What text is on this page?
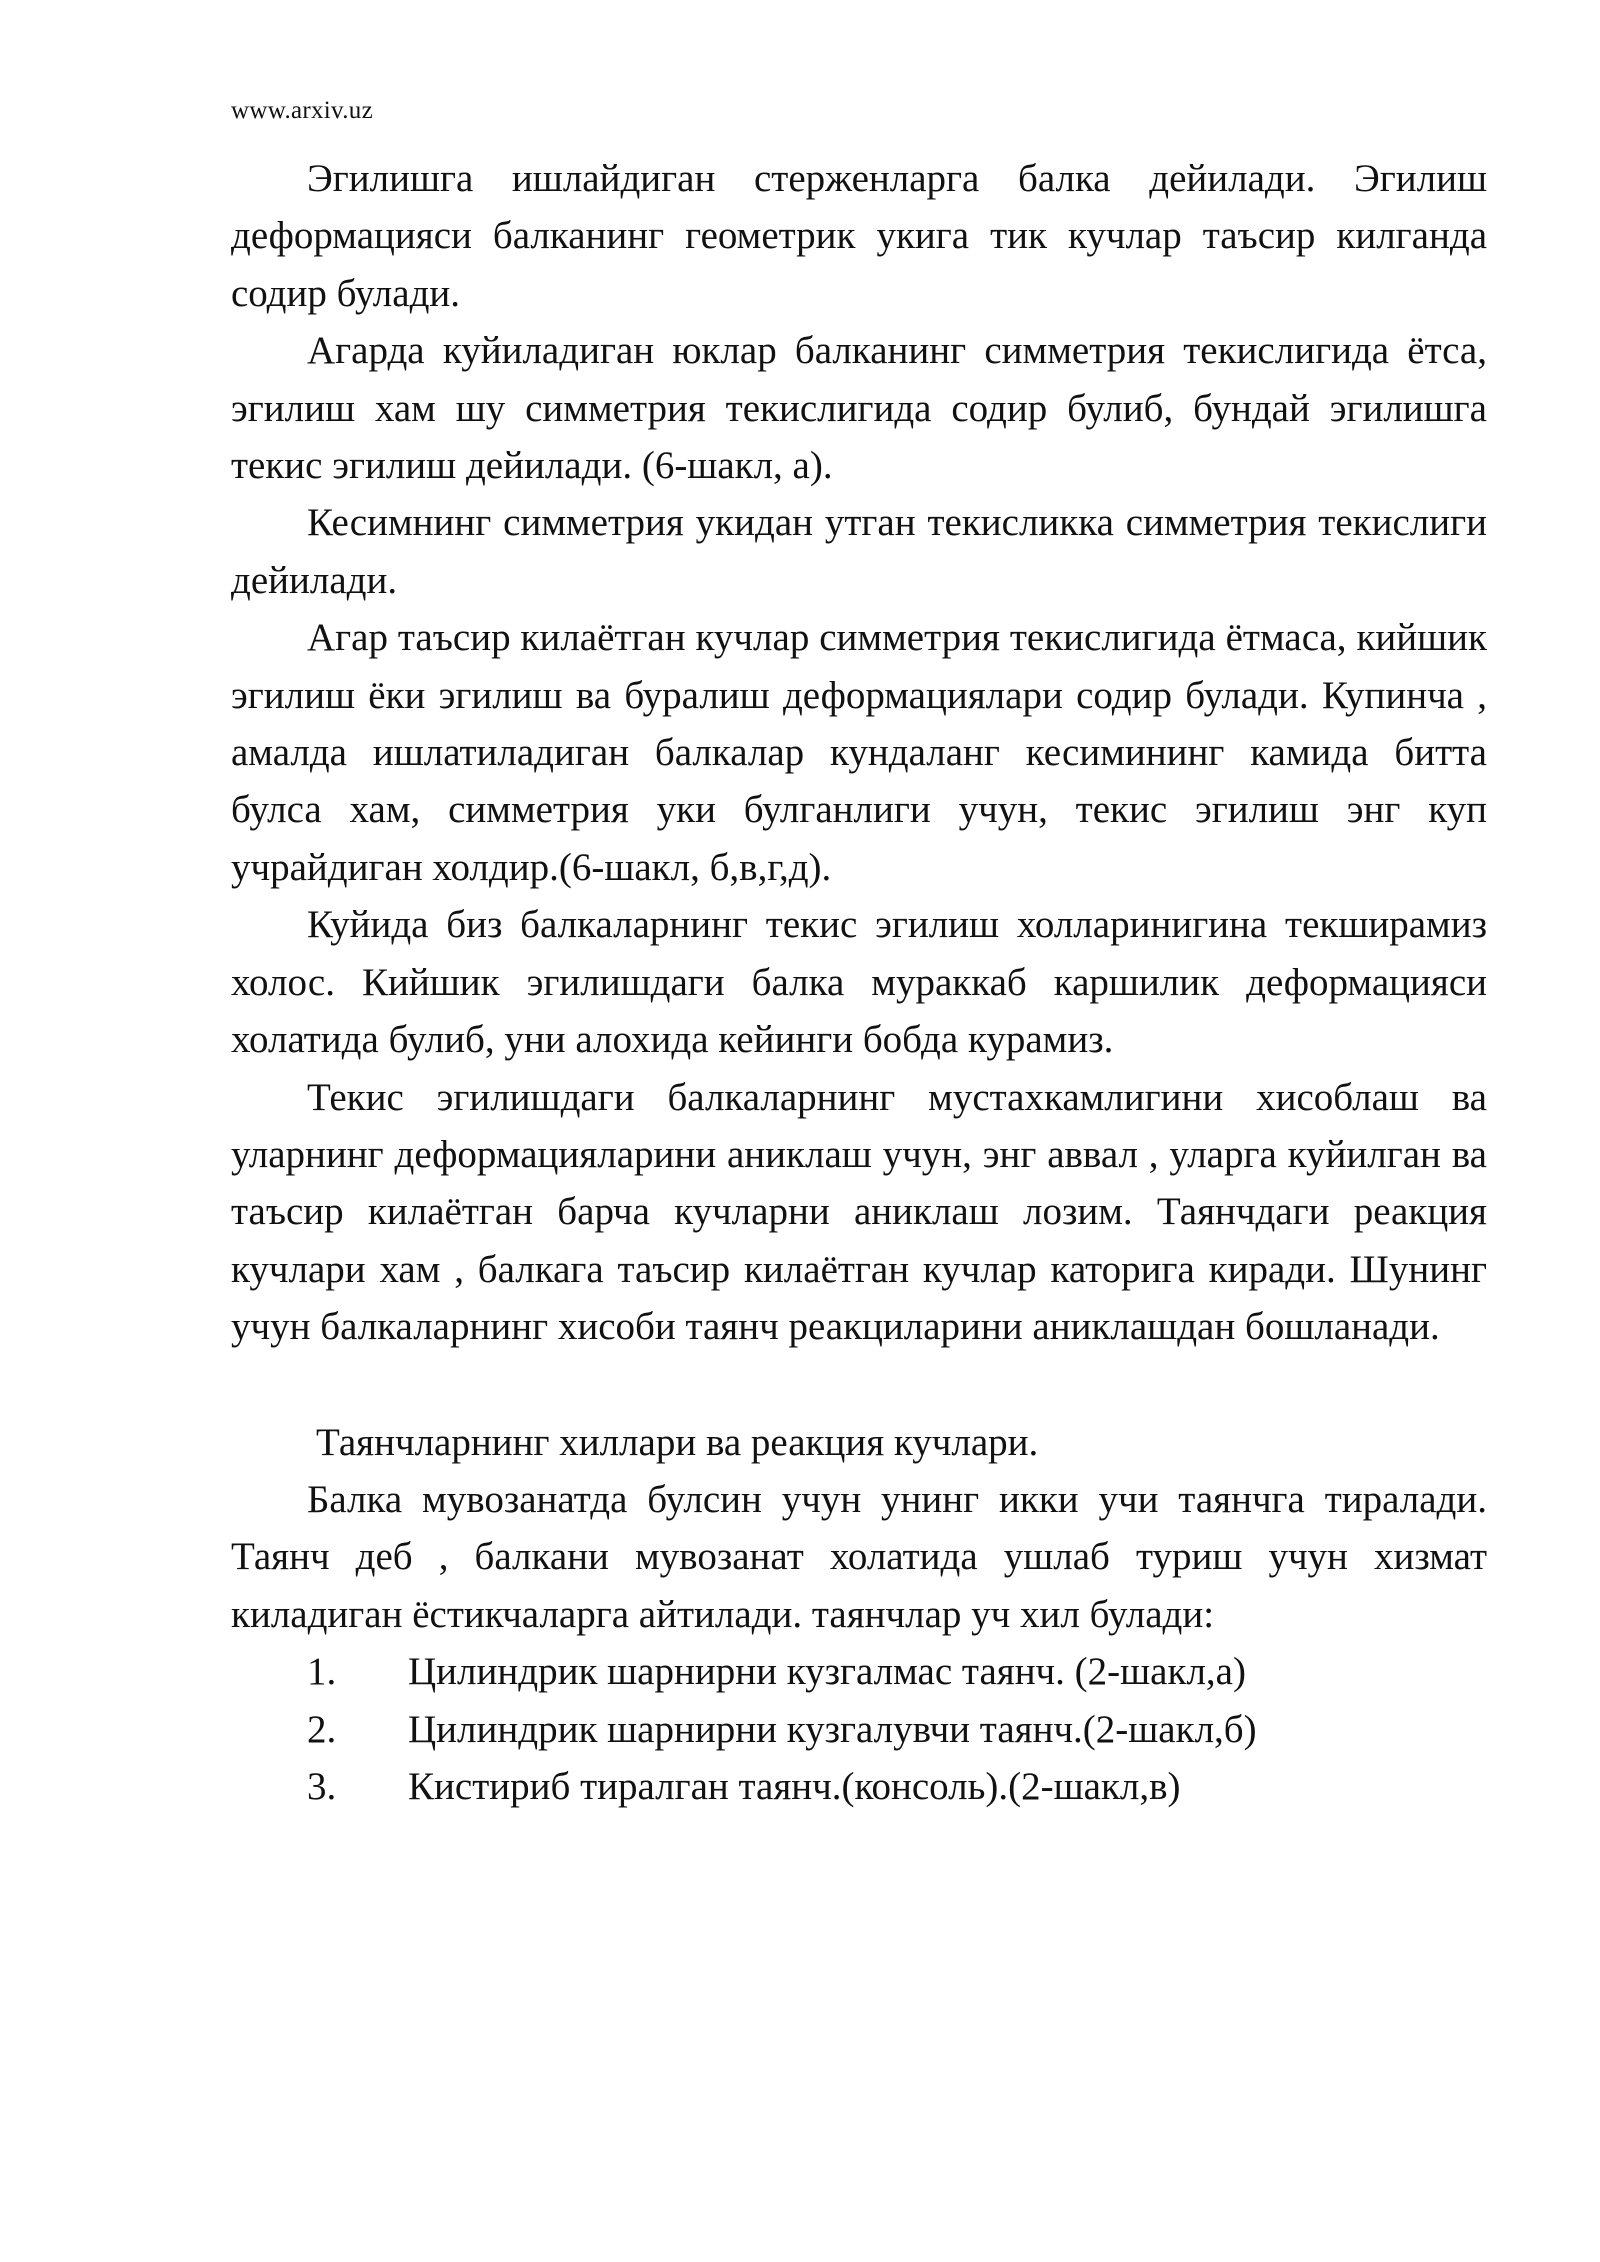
www.arxiv.uz

Эгилишга ишлайдиган стерженларга балка дейилади. Эгилиш деформацияси балканинг геометрик укига тик кучлар таъсир килганда содир булади.

Агарда куйиладиган юклар балканинг симметрия текислигида ётса, эгилиш хам шу симметрия текислигида содир булиб, бундай эгилишга текис эгилиш дейилади. (6-шакл, а).

Кесимнинг симметрия укидан утган текисликка симметрия текислиги дейилади.

Агар таъсир килаётган кучлар симметрия текислигида ётмаса, кийшик эгилиш ёки эгилиш ва буралиш деформациялари содир булади. Купинча , амалда ишлатиладиган балкалар кундаланг кесимининг камида битта булса хам, симметрия уки булганлиги учун, текис эгилиш энг куп учрайдиган холдир.(6-шакл, б,в,г,д).

Куйида биз балкаларнинг текис эгилиш холларинигина текширамиз холос. Кийшик эгилишдаги балка мураккаб каршилик деформацияси холатида булиб, уни алохида кейинги бобда курамиз.

Текис эгилишдаги балкаларнинг мустахкамлигини хисоблаш ва уларнинг деформацияларини аниклаш учун, энг аввал , уларга куйилган ва таъсир килаётган барча кучларни аниклаш лозим. Таянчдаги реакция кучлари хам , балкага таъсир килаётган кучлар каторига киради. Шунинг учун балкаларнинг хисоби таянч реакциларини аниклашдан бошланади.

Таянчларнинг хиллари ва реакция кучлари.

Балка мувозанатда булсин учун унинг икки учи таянчга тиралади. Таянч деб , балкани мувозанат холатида ушлаб туриш учун хизмат киладиган ёстикчаларга айтилади. таянчлар уч хил булади:

1.	Цилиндрик шарнирни кузгалмас таянч. (2-шакл,а)
2.	Цилиндрик шарнирни кузгалувчи таянч.(2-шакл,б)
3.	Кистириб тиралган таянч.(консоль).(2-шакл,в)
